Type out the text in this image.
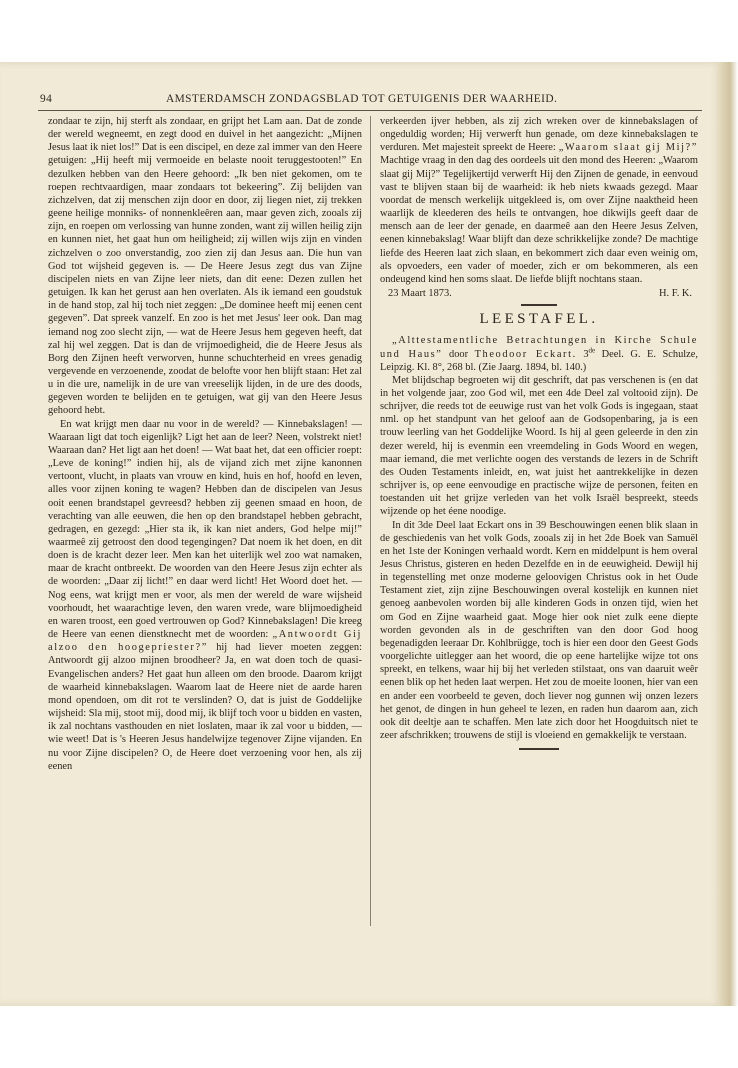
94	AMSTERDAMSCH ZONDAGSBLAD TOT GETUIGENIS DER WAARHEID.

zondaar te zijn, hij sterft als zondaar, en grijpt het Lam aan. Dat de zonde der wereld wegneemt, en zegt dood en duivel in het aangezicht: „Mijnen Jesus laat ik niet los!” Dat is een discipel, en deze zal immer van den Heere getuigen: „Hij heeft mij vermoeide en belaste nooit teruggestooten!” En dezulken hebben van den Heere gehoord: „Ik ben niet gekomen, om te roepen rechtvaardigen, maar zondaars tot bekeering”. Zij belijden van zichzelven, dat zij menschen zijn door en door, zij liegen niet, zij trekken geene heilige monniks- of nonnenkleêren aan, maar geven zich, zooals zij zijn, en roepen om verlossing van hunne zonden, want zij willen heilig zijn en kunnen niet, het gaat hun om heiligheid; zij willen wijs zijn en vinden zichzelven o zoo onverstandig, zoo zien zij dan Jesus aan. Die hun van God tot wijsheid gegeven is. — De Heere Jesus zegt dus van Zijne discipelen niets en van Zijne leer niets, dan dit eene: Dezen zullen het getuigen. Ik kan het gerust aan hen overlaten. Als ik iemand een goudstuk in de hand stop, zal hij toch niet zeggen: „De dominee heeft mij eenen cent gegeven”. Dat spreek vanzelf. En zoo is het met Jesus' leer ook. Dan mag iemand nog zoo slecht zijn, — wat de Heere Jesus hem gegeven heeft, dat zal hij wel zeggen. Dat is dan de vrijmoedigheid, die de Heere Jesus als Borg den Zijnen heeft verworven, hunne schuchterheid en vrees genadig vergevende en verzoenende, zoodat de belofte voor hen blijft staan: Het zal u in die ure, namelijk in de ure van vreeselijk lijden, in de ure des doods, gegeven worden te belijden en te getuigen, wat gij van den Heere Jesus gehoord hebt.

En wat krijgt men daar nu voor in de wereld? — Kinnebakslagen! — Waaraan ligt dat toch eigenlijk? Ligt het aan de leer? Neen, volstrekt niet! Waaraan dan? Het ligt aan het doen! — Wat baat het, dat een officier roept: „Leve de koning!” indien hij, als de vijand zich met zijne kanonnen vertoont, vlucht, in plaats van vrouw en kind, huis en hof, hoofd en leven, alles voor zijnen koning te wagen? Hebben dan de discipelen van Jesus ooit eenen brandstapel gevreesd? hebben zij geenen smaad en hoon, de verachting van alle eeuwen, die hen op den brandstapel hebben gebracht, gedragen, en gezegd: „Hier sta ik, ik kan niet anders, God helpe mij!” waarmeê zij getroost den dood tegengingen? Dat noem ik het doen, en dit doen is de kracht dezer leer. Men kan het uiterlijk wel zoo wat namaken, maar de kracht ontbreekt. De woorden van den Heere Jesus zijn echter als de woorden: „Daar zij licht!” en daar werd licht! Het Woord doet het. — Nog eens, wat krijgt men er voor, als men der wereld de ware wijsheid voorhoudt, het waarachtige leven, den waren vrede, ware blijmoedigheid en waren troost, een goed vertrouwen op God? Kinnebakslagen! Die kreeg de Heere van eenen dienstknecht met de woorden: „Antwoordt Gij alzoo den hoogepriester?” hij had liever moeten zeggen: Antwoordt gij alzoo mijnen broodheer? Ja, en wat doen toch de quasi-Evangelischen anders? Het gaat hun alleen om den broode. Daarom krijgt de waarheid kinnebakslagen. Waarom laat de Heere niet de aarde haren mond opendoen, om dit rot te verslinden? O, dat is juist de Goddelijke wijsheid: Sla mij, stoot mij, dood mij, ik blijf toch voor u bidden en vasten, ik zal nochtans vasthouden en niet loslaten, maar ik zal voor u bidden, — wie weet! Dat is 's Heeren Jesus handelwijze tegenover Zijne vijanden. En nu voor Zijne discipelen? O, de Heere doet verzoening voor hen, als zij eenen

verkeerden ijver hebben, als zij zich wreken over de kinnebakslagen of ongeduldig worden; Hij verwerft hun genade, om deze kinnebakslagen te verduren. Met majesteit spreekt de Heere: „Waarom slaat gij Mij?” Machtige vraag in den dag des oordeels uit den mond des Heeren: „Waarom slaat gij Mij?” Tegelijkertijd verwerft Hij den Zijnen de genade, in eenvoud vast te blijven staan bij de waarheid: ik heb niets kwaads gezegd. Maar voordat de mensch werkelijk uitgekleed is, om over Zijne naaktheid heen waarlijk de kleederen des heils te ontvangen, hoe dikwijls geeft daar de mensch aan de leer der genade, en daarmeê aan den Heere Jesus Zelven, eenen kinnebakslag! Waar blijft dan deze schrikkelijke zonde? De machtige liefde des Heeren laat zich slaan, en bekommert zich daar even weinig om, als opvoeders, een vader of moeder, zich er om bekommeren, als een ondeugend kind hen soms slaat. De liefde blijft nochtans staan.

23 Maart 1873.	H. F. K.
LEESTAFEL.

„Alttestamentliche Betrachtungen in Kirche Schule und Haus” door Theodoor Eckart. 3de Deel. G. E. Schulze, Leipzig. Kl. 8°, 268 bl. (Zie Jaarg. 1894, bl. 140.)

Met blijdschap begroeten wij dit geschrift, dat pas verschenen is (en dat in het volgende jaar, zoo God wil, met een 4de Deel zal voltooid zijn). De schrijver, die reeds tot de eeuwige rust van het volk Gods is ingegaan, staat nml. op het standpunt van het geloof aan de Godsopenbaring, ja is een trouw leerling van het Goddelijke Woord. Is hij al geen geleerde in den zin dezer wereld, hij is evenmin een vreemdeling in Gods Woord en wegen, maar iemand, die met verlichte oogen des verstands de lezers in de Schrift des Ouden Testaments inleidt, en, wat juist het aantrekkelijke in dezen schrijver is, op eene eenvoudige en practische wijze de personen, feiten en toestanden uit het grijze verleden van het volk Israël bespreekt, steeds wijzende op het éene noodige.

In dit 3de Deel laat Eckart ons in 39 Beschouwingen eenen blik slaan in de geschiedenis van het volk Gods, zooals zij in het 2de Boek van Samuël en het 1ste der Koningen verhaald wordt. Kern en middelpunt is hem overal Jesus Christus, gisteren en heden Dezelfde en in de eeuwigheid. Dewijl hij in tegenstelling met onze moderne geloovigen Christus ook in het Oude Testament ziet, zijn zijne Beschouwingen overal kostelijk en kunnen niet genoeg aanbevolen worden bij alle kinderen Gods in onzen tijd, wien het om God en Zijne waarheid gaat. Moge hier ook niet zulk eene diepte worden gevonden als in de geschriften van den door God hoog begenadigden leeraar Dr. Kohlbrügge, toch is hier een door den Geest Gods voorgelichte uitlegger aan het woord, die op eene hartelijke wijze tot ons spreekt, en telkens, waar hij bij het verleden stilstaat, ons van daaruit weêr eenen blik op het heden laat werpen. Het zou de moeite loonen, hier van een en ander een voorbeeld te geven, doch liever nog gunnen wij onzen lezers het genot, de dingen in hun geheel te lezen, en raden hun daarom aan, zich ook dit deeltje aan te schaffen. Men late zich door het Hoogduitsch niet te zeer afschrikken; trouwens de stijl is vloeiend en gemakkelijk te verstaan.
